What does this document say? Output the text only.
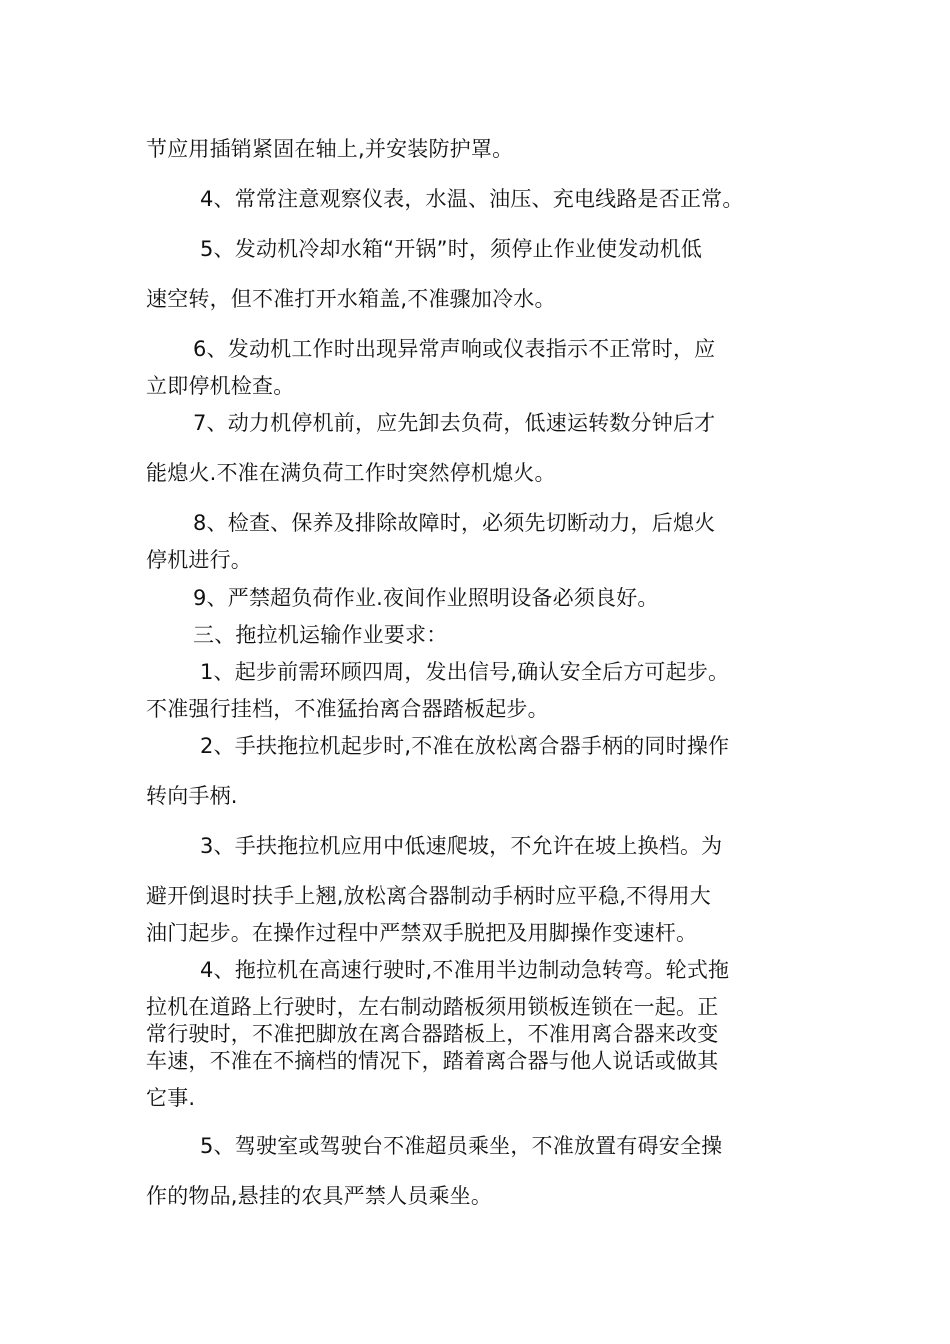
节应用插销紧固在轴上,并安装防护罩。
4、常常注意观察仪表，水温、油压、充电线路是否正常。
5、发动机冷却水箱“开锅”时，须停止作业使发动机低
速空转，但不准打开水箱盖,不准骤加冷水。
6、发动机工作时出现异常声响或仪表指示不正常时，应
立即停机检查。
7、动力机停机前，应先卸去负荷，低速运转数分钟后才
能熄火.不准在满负荷工作时突然停机熄火。
8、检查、保养及排除故障时，必须先切断动力，后熄火
停机进行。
9、严禁超负荷作业.夜间作业照明设备必须良好。
三、拖拉机运输作业要求：
1、起步前需环顾四周，发出信号,确认安全后方可起步。
不准强行挂档，不准猛抬离合器踏板起步。
2、手扶拖拉机起步时,不准在放松离合器手柄的同时操作
转向手柄.
3、手扶拖拉机应用中低速爬坡，不允许在坡上换档。为
避开倒退时扶手上翘,放松离合器制动手柄时应平稳,不得用大
油门起步。在操作过程中严禁双手脱把及用脚操作变速杆。
4、拖拉机在高速行驶时,不准用半边制动急转弯。轮式拖
拉机在道路上行驶时，左右制动踏板须用锁板连锁在一起。正
常行驶时，不准把脚放在离合器踏板上，不准用离合器来改变
车速，不准在不摘档的情况下，踏着离合器与他人说话或做其
它事.
5、驾驶室或驾驶台不准超员乘坐，不准放置有碍安全操
作的物品,悬挂的农具严禁人员乘坐。
